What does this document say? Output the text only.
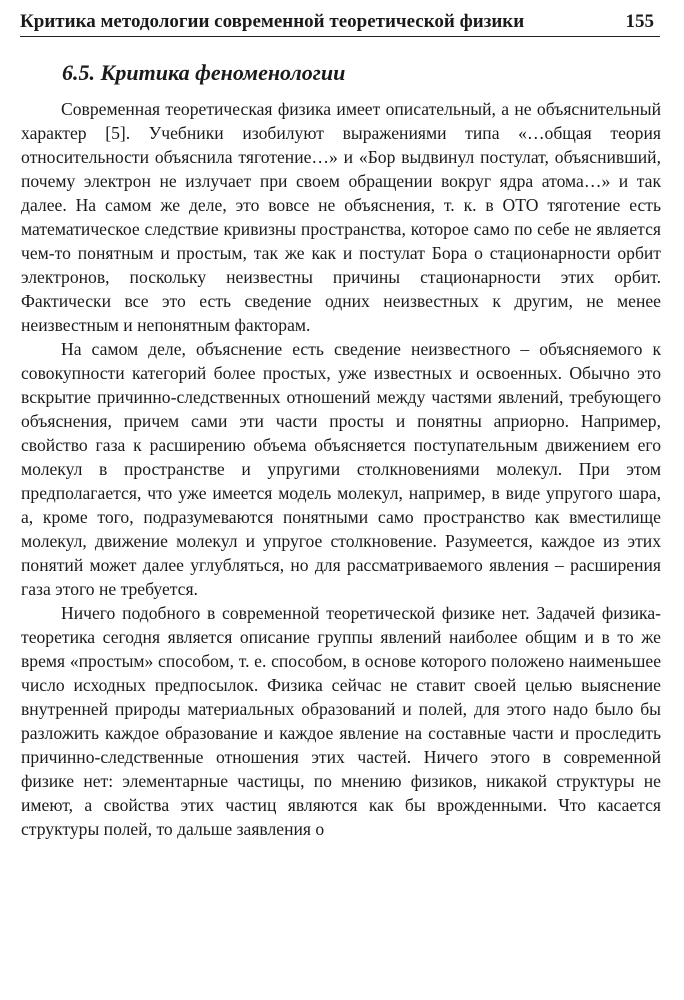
Критика методологии современной теоретической физики	155
6.5. Критика феноменологии

Современная теоретическая физика имеет описательный, а не объяснительный характер [5]. Учебники изобилуют выражениями типа «…общая теория относительности объяснила тяготение…» и «Бор выдвинул постулат, объяснивший, почему электрон не излучает при своем обращении вокруг ядра атома…» и так далее. На самом же деле, это вовсе не объяснения, т. к. в ОТО тяготение есть математическое следствие кривизны пространства, которое само по себе не является чем-то понятным и простым, так же как и постулат Бора о стационарности орбит электронов, поскольку неизвестны причины стационарности этих орбит. Фактически все это есть сведение одних неизвестных к другим, не менее неизвестным и непонятным факторам.

На самом деле, объяснение есть сведение неизвестного – объясняемого к совокупности категорий более простых, уже известных и освоенных. Обычно это вскрытие причинно-следственных отношений между частями явлений, требующего объяснения, причем сами эти части просты и понятны априорно. Например, свойство газа к расширению объема объясняется поступательным движением его молекул в пространстве и упругими столкновениями молекул. При этом предполагается, что уже имеется модель молекул, например, в виде упругого шара, а, кроме того, подразумеваются понятными само пространство как вместилище молекул, движение молекул и упругое столкновение. Разумеется, каждое из этих понятий может далее углубляться, но для рассматриваемого явления – расширения газа этого не требуется.

Ничего подобного в современной теоретической физике нет. Задачей физика-теоретика сегодня является описание группы явлений наиболее общим и в то же время «простым» способом, т. е. способом, в основе которого положено наименьшее число исходных предпосылок. Физика сейчас не ставит своей целью выяснение внутренней природы материальных образований и полей, для этого надо было бы разложить каждое образование и каждое явление на составные части и проследить причинно-следственные отношения этих частей. Ничего этого в современной физике нет: элементарные частицы, по мнению физиков, никакой структуры не имеют, а свойства этих частиц являются как бы врожденными. Что касается структуры полей, то дальше заявления о
